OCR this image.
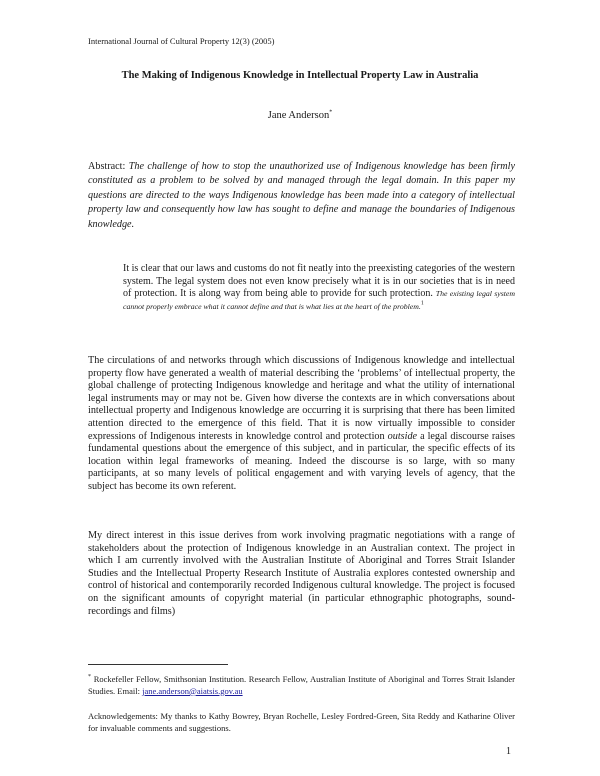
International Journal of Cultural Property 12(3) (2005)
The Making of Indigenous Knowledge in Intellectual Property Law in Australia
Jane Anderson*
Abstract: The challenge of how to stop the unauthorized use of Indigenous knowledge has been firmly constituted as a problem to be solved by and managed through the legal domain. In this paper my questions are directed to the ways Indigenous knowledge has been made into a category of intellectual property law and consequently how law has sought to define and manage the boundaries of Indigenous knowledge.
It is clear that our laws and customs do not fit neatly into the preexisting categories of the western system. The legal system does not even know precisely what it is in our societies that is in need of protection. It is along way from being able to provide for such protection. The existing legal system cannot properly embrace what it cannot define and that is what lies at the heart of the problem.$^1$
The circulations of and networks through which discussions of Indigenous knowledge and intellectual property flow have generated a wealth of material describing the ‘problems’ of intellectual property, the global challenge of protecting Indigenous knowledge and heritage and what the utility of international legal instruments may or may not be. Given how diverse the contexts are in which conversations about intellectual property and Indigenous knowledge are occurring it is surprising that there has been limited attention directed to the emergence of this field. That it is now virtually impossible to consider expressions of Indigenous interests in knowledge control and protection outside a legal discourse raises fundamental questions about the emergence of this subject, and in particular, the specific effects of its location within legal frameworks of meaning. Indeed the discourse is so large, with so many participants, at so many levels of political engagement and with varying levels of agency, that the subject has become its own referent.
My direct interest in this issue derives from work involving pragmatic negotiations with a range of stakeholders about the protection of Indigenous knowledge in an Australian context. The project in which I am currently involved with the Australian Institute of Aboriginal and Torres Strait Islander Studies and the Intellectual Property Research Institute of Australia explores contested ownership and control of historical and contemporarily recorded Indigenous cultural knowledge. The project is focused on the significant amounts of copyright material (in particular ethnographic photographs, sound-recordings and films)
* Rockefeller Fellow, Smithsonian Institution. Research Fellow, Australian Institute of Aboriginal and Torres Strait Islander Studies. Email: jane.anderson@aiatsis.gov.au
Acknowledgements: My thanks to Kathy Bowrey, Bryan Rochelle, Lesley Fordred-Green, Sita Reddy and Katharine Oliver for invaluable comments and suggestions.
1
